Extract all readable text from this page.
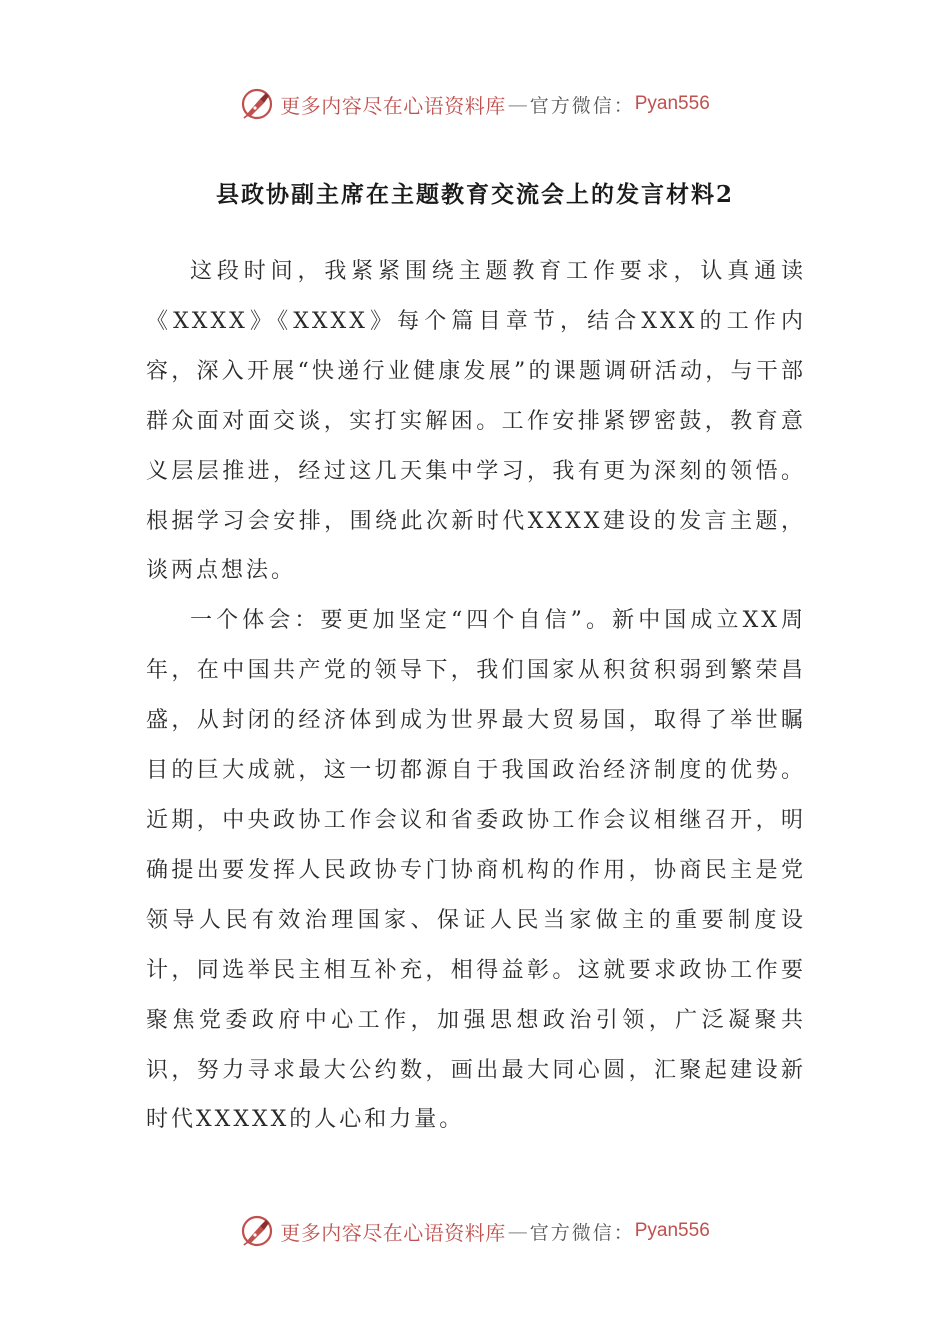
更多内容尽在心语资料库 — 官方微信： Pyan556
县政协副主席在主题教育交流会上的发言材料2

这段时间，我紧紧围绕主题教育工作要求，认真通读《XXXX》《XXXX》每个篇目章节，结合XXX的工作内容，深入开展“快递行业健康发展”的课题调研活动，与干部群众面对面交谈，实打实解困。工作安排紧锣密鼓，教育意义层层推进，经过这几天集中学习，我有更为深刻的领悟。根据学习会安排，围绕此次新时代XXXX建设的发言主题，谈两点想法。

一个体会：要更加坚定“四个自信”。新中国成立XX周年，在中国共产党的领导下，我们国家从积贫积弱到繁荣昌盛，从封闭的经济体到成为世界最大贸易国，取得了举世瞩目的巨大成就，这一切都源自于我国政治经济制度的优势。近期，中央政协工作会议和省委政协工作会议相继召开，明确提出要发挥人民政协专门协商机构的作用，协商民主是党领导人民有效治理国家、保证人民当家做主的重要制度设计，同选举民主相互补充，相得益彰。这就要求政协工作要聚焦党委政府中心工作，加强思想政治引领，广泛凝聚共识，努力寻求最大公约数，画出最大同心圆，汇聚起建设新时代XXXXX的人心和力量。

更多内容尽在心语资料库 — 官方微信： Pyan556
